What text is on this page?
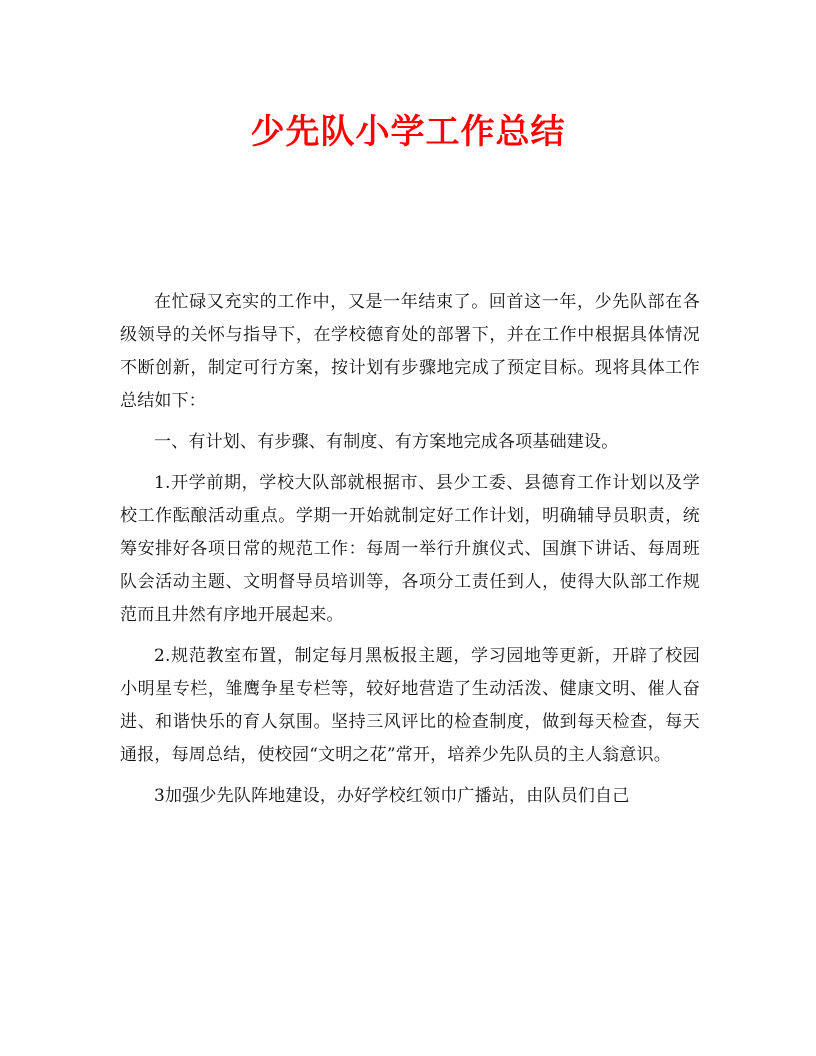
少先队小学工作总结

在忙碌又充实的工作中，又是一年结束了。回首这一年，少先队部在各级领导的关怀与指导下，在学校德育处的部署下，并在工作中根据具体情况不断创新，制定可行方案，按计划有步骤地完成了预定目标。现将具体工作总结如下：

一、有计划、有步骤、有制度、有方案地完成各项基础建设。

1.开学前期，学校大队部就根据市、县少工委、县德育工作计划以及学校工作酝酿活动重点。学期一开始就制定好工作计划，明确辅导员职责，统筹安排好各项日常的规范工作：每周一举行升旗仪式、国旗下讲话、每周班队会活动主题、文明督导员培训等，各项分工责任到人，使得大队部工作规范而且井然有序地开展起来。

2.规范教室布置，制定每月黑板报主题，学习园地等更新，开辟了校园小明星专栏，雏鹰争星专栏等，较好地营造了生动活泼、健康文明、催人奋进、和谐快乐的育人氛围。坚持三风评比的检查制度，做到每天检查，每天通报，每周总结，使校园“文明之花”常开，培养少先队员的主人翁意识。

3加强少先队阵地建设，办好学校红领巾广播站，由队员们自己
